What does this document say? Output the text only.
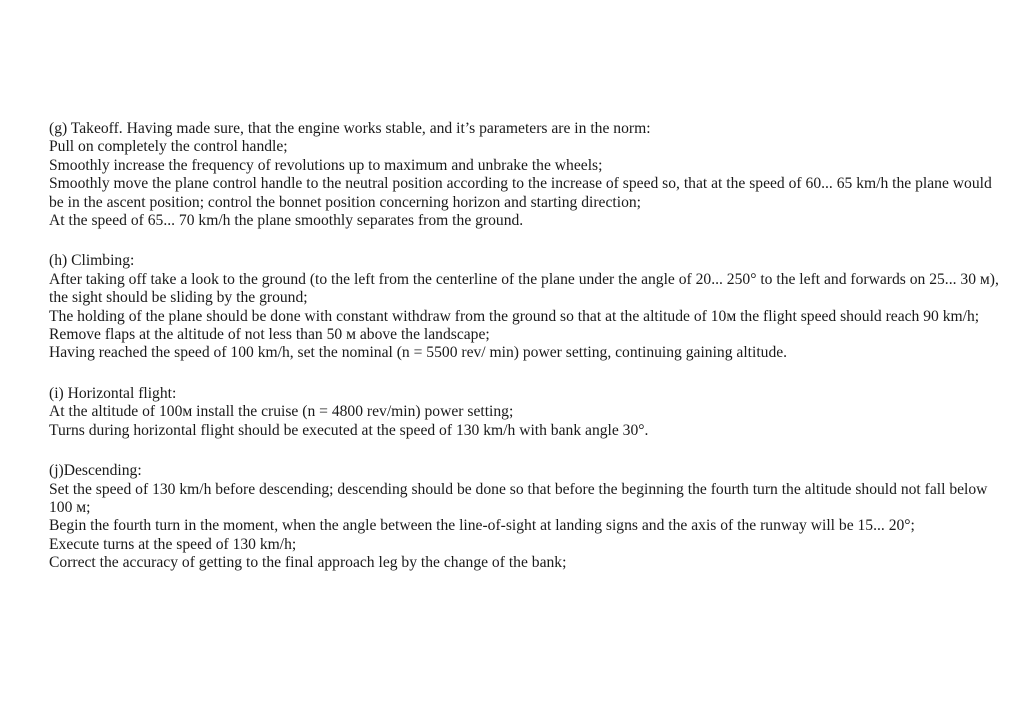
(g) Takeoff. Having made sure, that the engine works stable, and it’s parameters are in the norm:
Pull on completely the control handle;
Smoothly increase the frequency of revolutions up to maximum and unbrake the wheels;
Smoothly move the plane control handle to the neutral position according to the increase of speed so, that at the speed of 60... 65 km/h the plane would be in the ascent position; control the bonnet position concerning horizon and starting direction;
At the speed of 65... 70 km/h the plane smoothly separates from the ground.
(h) Climbing:
After taking off take a look to the ground (to the left from the centerline of the plane under the angle of 20... 250° to the left and forwards on 25... 30 м), the sight should be sliding by the ground;
The holding of the plane should be done with constant withdraw from the ground so that at the altitude of 10м the flight speed should reach 90 km/h;
Remove flaps at the altitude of not less than 50 м above the landscape;
Having reached the speed of 100 km/h, set the nominal (n = 5500 rev/ min) power setting, continuing gaining altitude.
(i) Horizontal flight:
At the altitude of 100м install the cruise (n = 4800 rev/min) power setting;
Turns during horizontal flight should be executed at the speed of 130 km/h with bank angle 30°.
(j)Descending:
Set the speed of 130 km/h before descending; descending should be done so that before the beginning the fourth turn the altitude should not fall below 100 м;
Begin the fourth turn in the moment, when the angle between the line-of-sight at landing signs and the axis of the runway will be 15... 20°;
Execute turns at the speed of 130 km/h;
Correct the accuracy of getting to the final approach leg by the change of the bank;
